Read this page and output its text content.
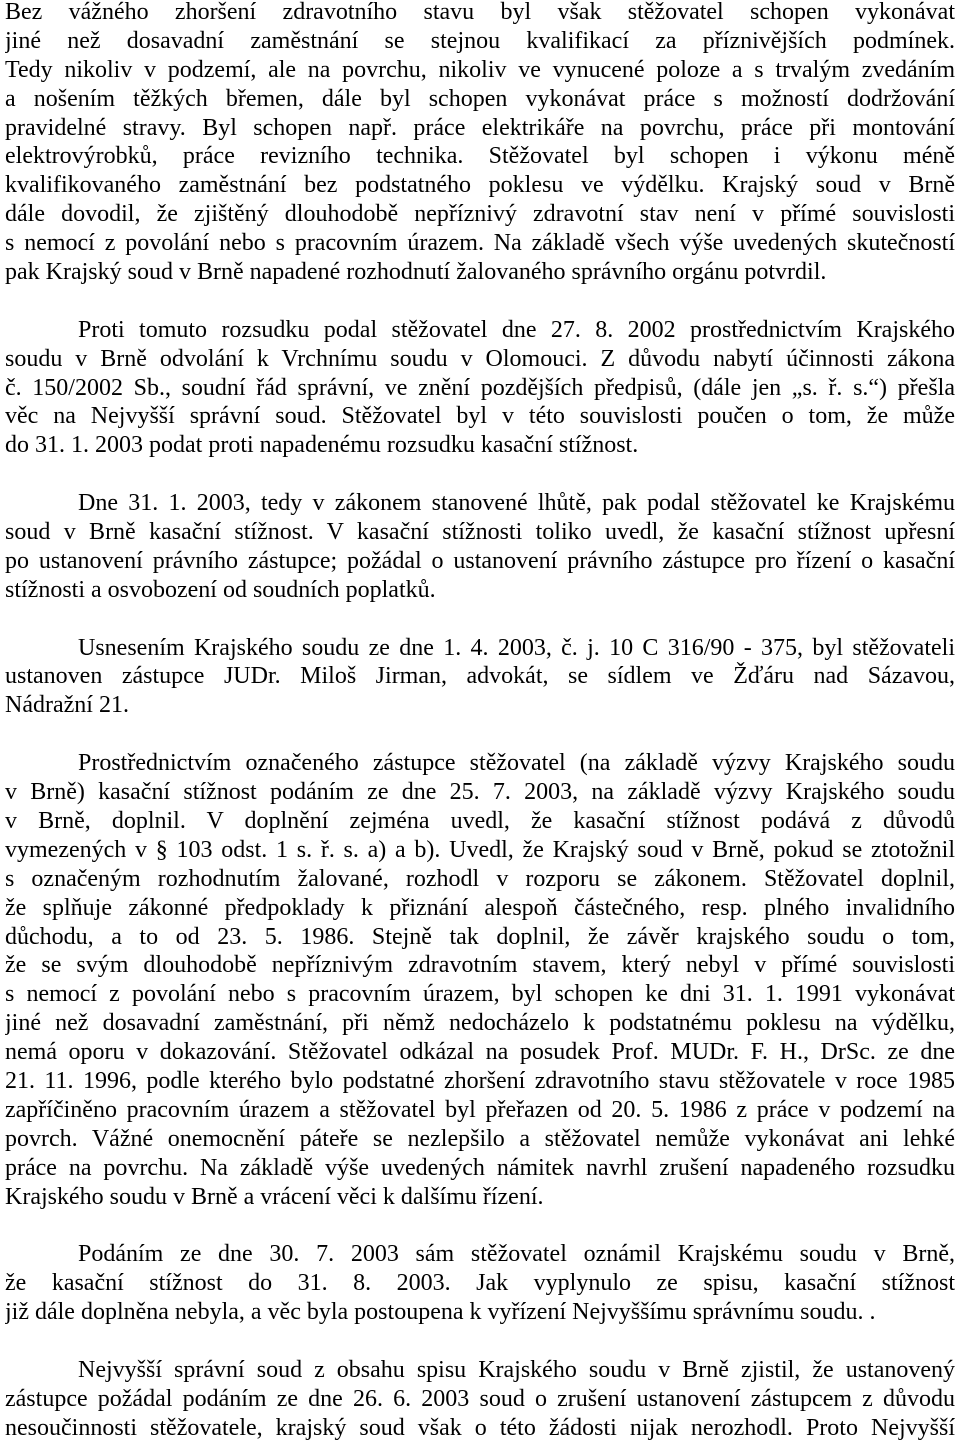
Bez vážného zhoršení zdravotního stavu byl však stěžovatel schopen vykonávat
jiné než dosavadní zaměstnání se stejnou kvalifikací za příznivějších podmínek.
Tedy nikoliv v podzemí, ale na povrchu, nikoliv ve vynucené poloze a s trvalým zvedáním
a nošením těžkých břemen, dále byl schopen vykonávat práce s možností dodržování
pravidelné stravy. Byl schopen např. práce elektrikáře na povrchu, práce při montování
elektrovýrobků, práce revizního technika. Stěžovatel byl schopen i výkonu méně
kvalifikovaného zaměstnání bez podstatného poklesu ve výdělku. Krajský soud v Brně
dále dovodil, že zjištěný dlouhodobě nepříznivý zdravotní stav není v přímé souvislosti
s nemocí z povolání nebo s pracovním úrazem. Na základě všech výše uvedených skutečností
pak Krajský soud v Brně napadené rozhodnutí žalovaného správního orgánu potvrdil.
Proti tomuto rozsudku podal stěžovatel dne 27. 8. 2002 prostřednictvím Krajského
soudu v Brně odvolání k Vrchnímu soudu v Olomouci. Z důvodu nabytí účinnosti zákona
č. 150/2002 Sb., soudní řád správní, ve znění pozdějších předpisů, (dále jen „s. ř. s.“) přešla
věc na Nejvyšší správní soud. Stěžovatel byl v této souvislosti poučen o tom, že může
do 31. 1. 2003 podat proti napadenému rozsudku kasační stížnost.
Dne 31. 1. 2003, tedy v zákonem stanovené lhůtě, pak podal stěžovatel ke Krajskému
soud v Brně kasační stížnost. V kasační stížnosti toliko uvedl, že kasační stížnost upřesní
po ustanovení právního zástupce; požádal o ustanovení právního zástupce pro řízení o kasační
stížnosti a osvobození od soudních poplatků.
Usnesením Krajského soudu ze dne 1. 4. 2003, č. j. 10 C 316/90 - 375, byl stěžovateli
ustanoven zástupce JUDr. Miloš Jirman, advokát, se sídlem ve Žďáru nad Sázavou,
Nádražní 21.
Prostřednictvím označeného zástupce stěžovatel (na základě výzvy Krajského soudu
v Brně) kasační stížnost podáním ze dne 25. 7. 2003, na základě výzvy Krajského soudu
v Brně, doplnil. V doplnění zejména uvedl, že kasační stížnost podává z důvodů
vymezených v § 103 odst. 1 s. ř. s. a) a b). Uvedl, že Krajský soud v Brně, pokud se ztotožnil
s označeným rozhodnutím žalované, rozhodl v rozporu se zákonem. Stěžovatel doplnil,
že splňuje zákonné předpoklady k přiznání alespoň částečného, resp. plného invalidního
důchodu, a to od 23. 5. 1986. Stejně tak doplnil, že závěr krajského soudu o tom,
že se svým dlouhodobě nepříznivým zdravotním stavem, který nebyl v přímé souvislosti
s nemocí z povolání nebo s pracovním úrazem, byl schopen ke dni 31. 1. 1991 vykonávat
jiné než dosavadní zaměstnání, při němž nedocházelo k podstatnému poklesu na výdělku,
nemá oporu v dokazování. Stěžovatel odkázal na posudek Prof. MUDr. F. H., DrSc. ze dne
21. 11. 1996, podle kterého bylo podstatné zhoršení zdravotního stavu stěžovatele v roce 1985
zapříčiněno pracovním úrazem a stěžovatel byl přeřazen od 20. 5. 1986 z práce v podzemí na
povrch. Vážné onemocnění páteře se nezlepšilo a stěžovatel nemůže vykonávat ani lehké
práce na povrchu. Na základě výše uvedených námitek navrhl zrušení napadeného rozsudku
Krajského soudu v Brně a vrácení věci k dalšímu řízení.
Podáním ze dne 30. 7. 2003 sám stěžovatel oznámil Krajskému soudu v Brně,
že kasační stížnost do 31. 8. 2003. Jak vyplynulo ze spisu, kasační stížnost
již dále doplněna nebyla, a věc byla postoupena k vyřízení Nejvyššímu správnímu soudu. .
Nejvyšší správní soud z obsahu spisu Krajského soudu v Brně zjistil, že ustanovený
zástupce požádal podáním ze dne 26. 6. 2003 soud o zrušení ustanovení zástupcem z důvodu
nesoučinnosti stěžovatele, krajský soud však o této žádosti nijak nerozhodl. Proto Nejvyšší
